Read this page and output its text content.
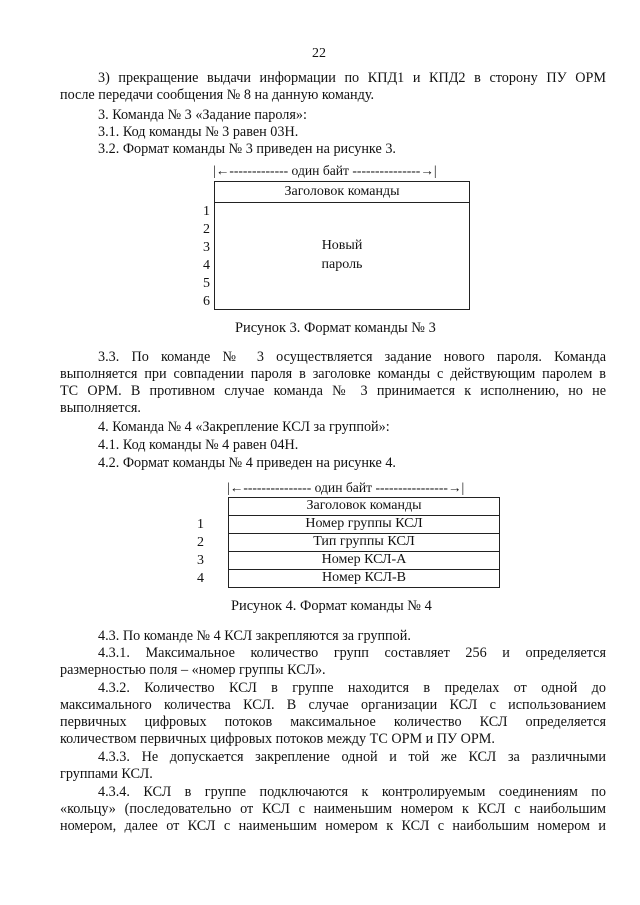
22
3) прекращение выдачи информации по КПД1 и КПД2 в сторону ПУ ОРМ
после передачи сообщения № 8 на данную команду.
3. Команда № 3 «Задание пароля»:
3.1. Код команды № 3 равен 03Н.
3.2. Формат команды № 3 приведен на рисунке 3.
|←------------- один байт ---------------→|
Заголовок команды
Новый
пароль
1
2
3
4
5
6
Рисунок 3. Формат команды № 3
3.3. По команде № 3 осуществляется задание нового пароля. Команда
выполняется при совпадении пароля в заголовке команды с действующим паролем в
ТС ОРМ. В противном случае команда № 3 принимается к исполнению, но не
выполняется.
4. Команда № 4 «Закрепление КСЛ за группой»:
4.1. Код команды № 4 равен 04Н.
4.2. Формат команды № 4 приведен на рисунке 4.
|←--------------- один байт ----------------→|
Заголовок команды
Номер группы КСЛ
Тип группы КСЛ
Номер КСЛ-А
Номер КСЛ-В
1
2
3
4
Рисунок 4. Формат команды № 4
4.3. По команде № 4 КСЛ закрепляются за группой.
4.3.1. Максимальное количество групп составляет 256 и определяется
размерностью поля – «номер группы КСЛ».
4.3.2. Количество КСЛ в группе находится в пределах от одной до
максимального количества КСЛ. В случае организации КСЛ с использованием
первичных цифровых потоков максимальное количество КСЛ определяется
количеством первичных цифровых потоков между ТС ОРМ и ПУ ОРМ.
4.3.3. Не допускается закрепление одной и той же КСЛ за различными
группами КСЛ.
4.3.4. КСЛ в группе подключаются к контролируемым соединениям по
«кольцу» (последовательно от КСЛ с наименьшим номером к КСЛ с наибольшим
номером, далее от КСЛ с наименьшим номером к КСЛ с наибольшим номером и
